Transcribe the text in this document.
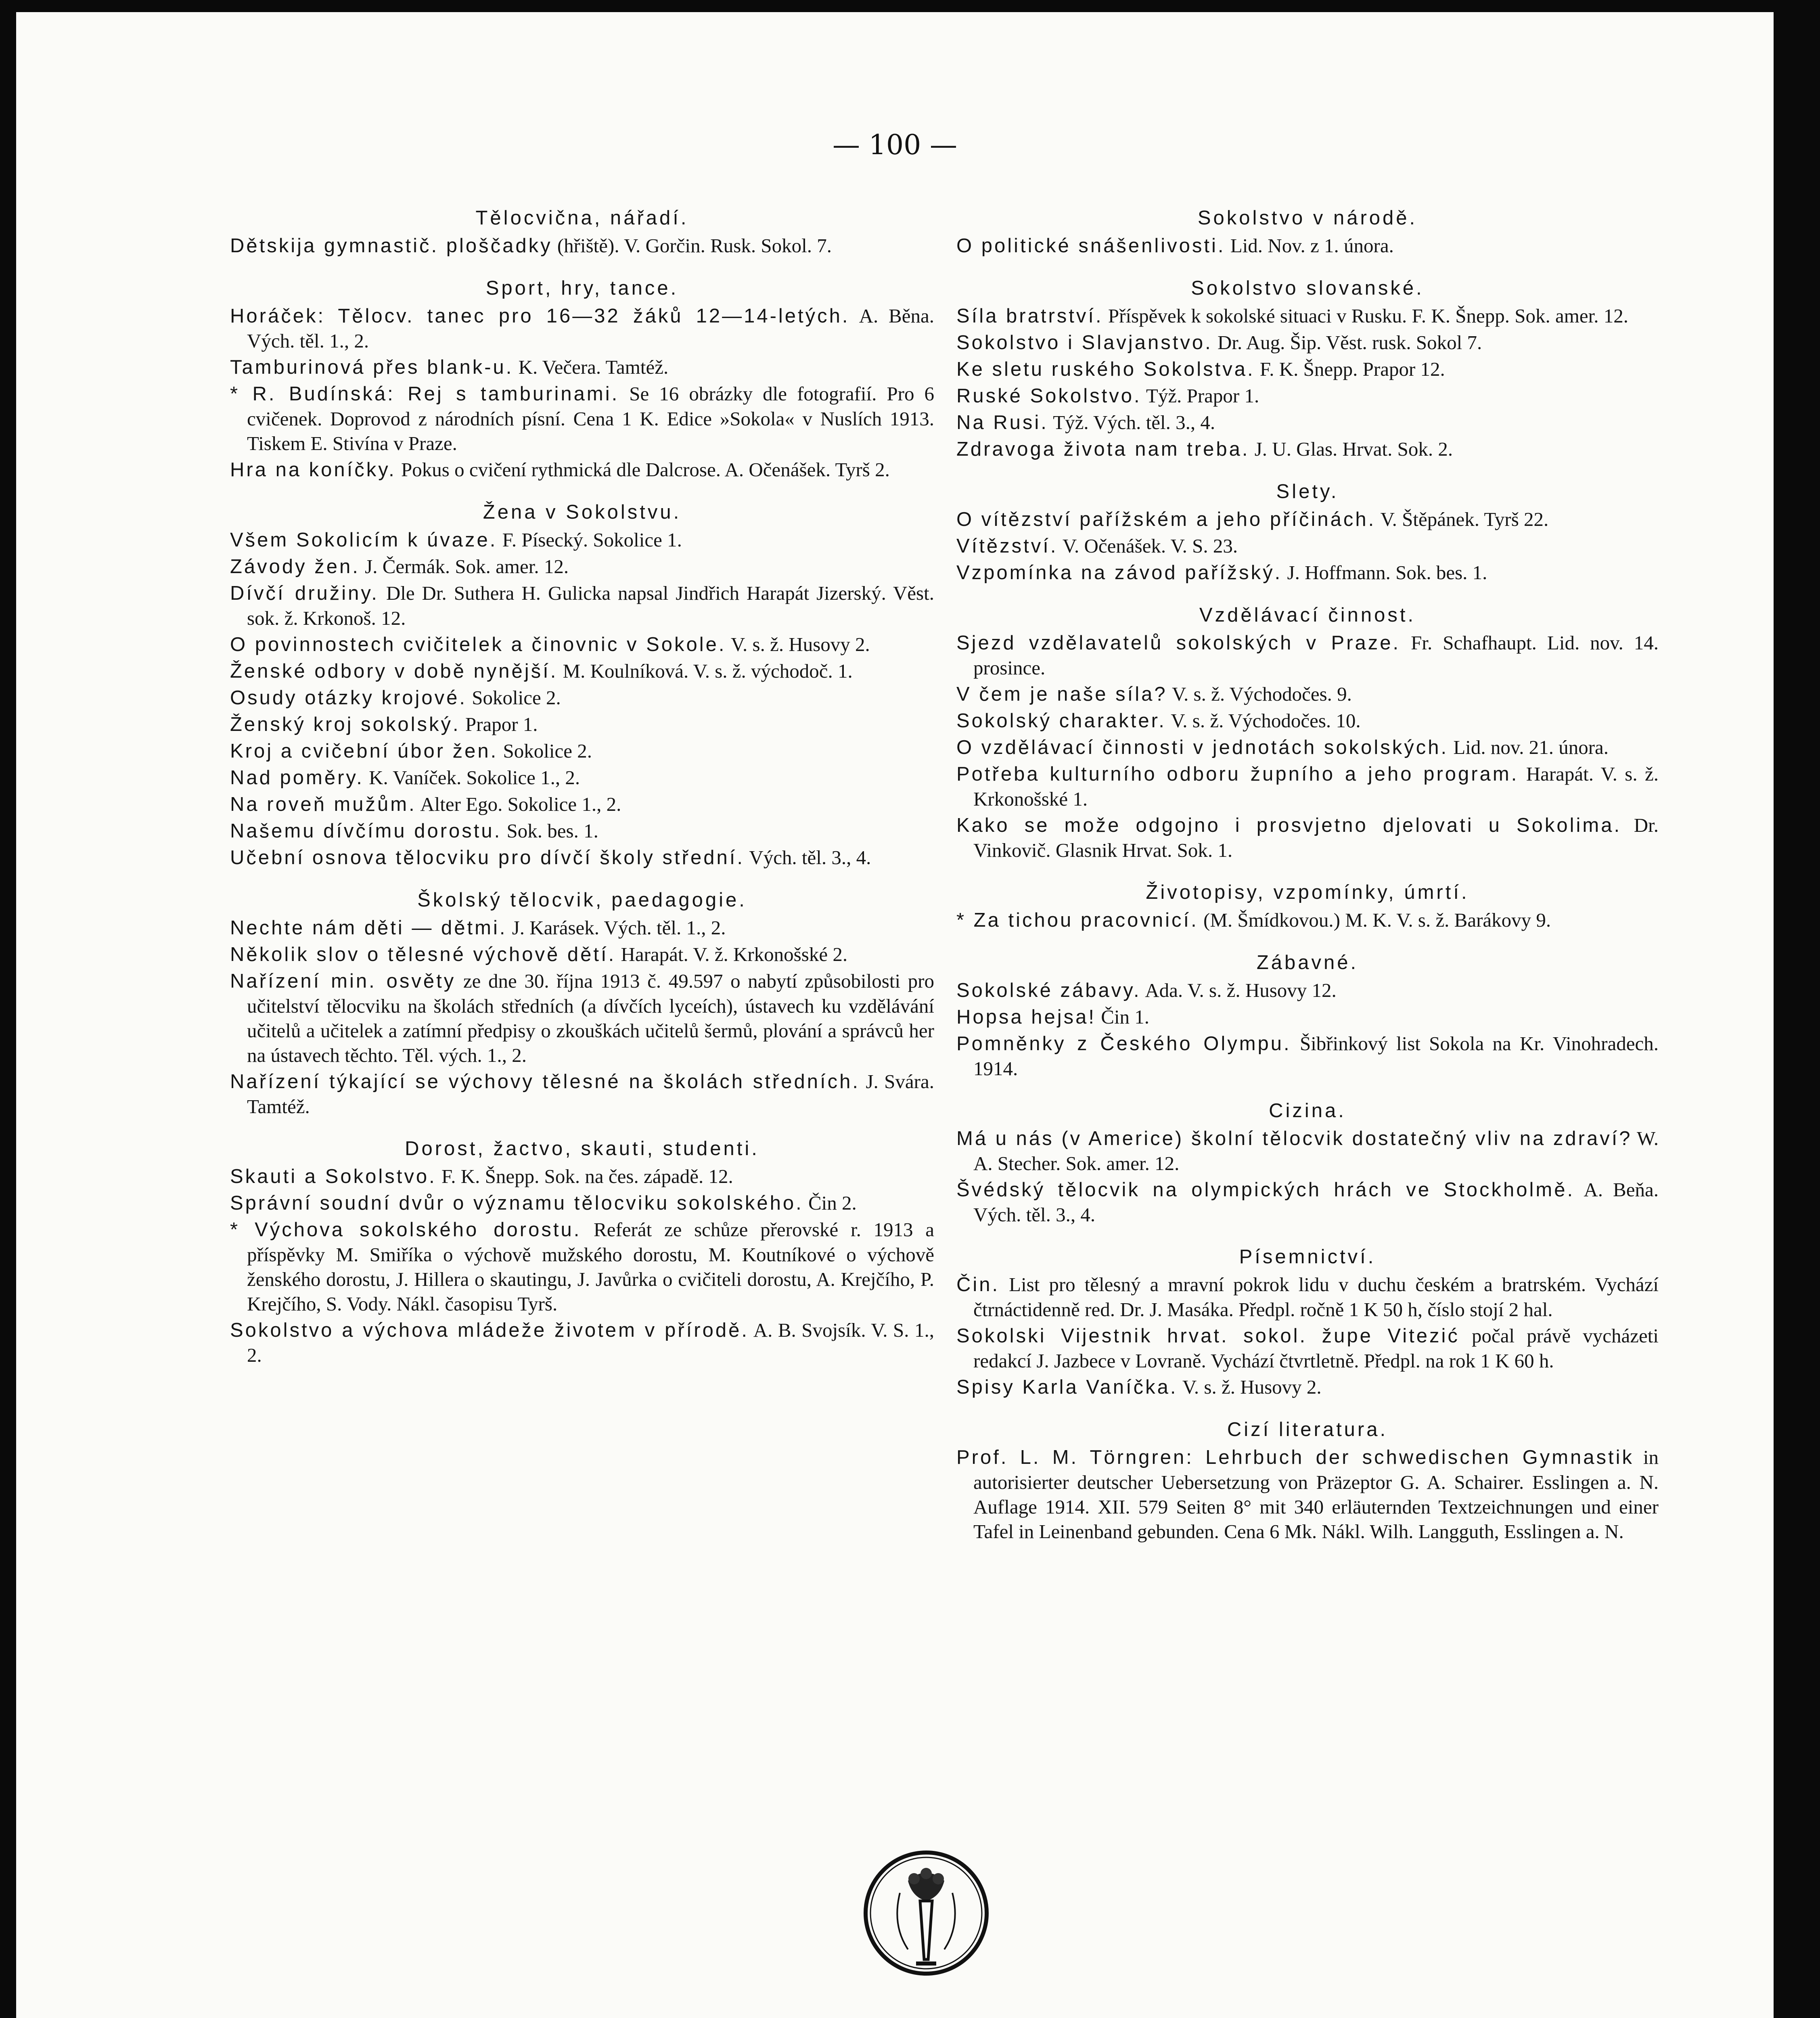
— 100 —
Tělocvična, nářadí.
Dětskija gymnastič. ploščadky (hřiště). V. Gorčin. Rusk. Sokol. 7.
Sport, hry, tance.
Horáček: Tělocv. tanec pro 16—32 žáků 12—14-letých. A. Běna. Vých. těl. 1., 2.
Tamburinová přes blank-u. K. Večera. Tamtéž.
* R. Budínská: Rej s tamburinami. Se 16 obrázky dle fotografií. Pro 6 cvičenek. Doprovod z národních písní. Cena 1 K. Edice »Sokola« v Nuslích 1913. Tiskem E. Stivína v Praze.
Hra na koníčky. Pokus o cvičení rythmická dle Dalcrose. A. Očenášek. Tyrš 2.
Žena v Sokolstvu.
Všem Sokolicím k úvaze. F. Písecký. Sokolice 1.
Závody žen. J. Čermák. Sok. amer. 12.
Dívčí družiny. Dle Dr. Suthera H. Gulicka napsal Jindřich Harapát Jizerský. Věst. sok. ž. Krkonoš. 12.
O povinnostech cvičitelek a činovnic v Sokole. V. s. ž. Husovy 2.
Ženské odbory v době nynější. M. Koulníková. V. s. ž. východoč. 1.
Osudy otázky krojové. Sokolice 2.
Ženský kroj sokolský. Prapor 1.
Kroj a cvičební úbor žen. Sokolice 2.
Nad poměry. K. Vaníček. Sokolice 1., 2.
Na roveň mužům. Alter Ego. Sokolice 1., 2.
Našemu dívčímu dorostu. Sok. bes. 1.
Učební osnova tělocviku pro dívčí školy střední. Vých. těl. 3., 4.
Školský tělocvik, paedagogie.
Nechte nám děti — dětmi. J. Karásek. Vých. těl. 1., 2.
Několik slov o tělesné výchově dětí. Harapát. V. ž. Krkonošské 2.
Nařízení min. osvěty ze dne 30. října 1913 č. 49.597 o nabytí způsobilosti pro učitelství tělocviku na školách středních (a dívčích lyceích), ústavech ku vzdělávání učitelů a učitelek a zatímní předpisy o zkouškách učitelů šermů, plování a správců her na ústavech těchto. Těl. vých. 1., 2.
Nařízení týkající se výchovy tělesné na školách středních. J. Svára. Tamtéž.
Dorost, žactvo, skauti, studenti.
Skauti a Sokolstvo. F. K. Šnepp. Sok. na čes. západě. 12.
Správní soudní dvůr o významu tělocviku sokolského. Čin 2.
* Výchova sokolského dorostu. Referát ze schůze přerovské r. 1913 a příspěvky M. Smiříka o výchově mužského dorostu, M. Koutníkové o výchově ženského dorostu, J. Hillera o skautingu, J. Javůrka o cvičiteli dorostu, A. Krejčího, P. Krejčího, S. Vody. Nákl. časopisu Tyrš.
Sokolstvo a výchova mládeže životem v přírodě. A. B. Svojsík. V. S. 1., 2.
Sokolstvo v národě.
O politické snášenlivosti. Lid. Nov. z 1. února.
Sokolstvo slovanské.
Síla bratrství. Příspěvek k sokolské situaci v Rusku. F. K. Šnepp. Sok. amer. 12.
Sokolstvo i Slavjanstvo. Dr. Aug. Šip. Věst. rusk. Sokol 7.
Ke sletu ruského Sokolstva. F. K. Šnepp. Prapor 12.
Ruské Sokolstvo. Týž. Prapor 1.
Na Rusi. Týž. Vých. těl. 3., 4.
Zdravoga života nam treba. J. U. Glas. Hrvat. Sok. 2.
Slety.
O vítězství pařížském a jeho příčinách. V. Štěpánek. Tyrš 22.
Vítězství. V. Očenášek. V. S. 23.
Vzpomínka na závod pařížský. J. Hoffmann. Sok. bes. 1.
Vzdělávací činnost.
Sjezd vzdělavatelů sokolských v Praze. Fr. Schafhaupt. Lid. nov. 14. prosince.
V čem je naše síla? V. s. ž. Východočes. 9.
Sokolský charakter. V. s. ž. Východočes. 10.
O vzdělávací činnosti v jednotách sokolských. Lid. nov. 21. února.
Potřeba kulturního odboru župního a jeho program. Harapát. V. s. ž. Krkonošské 1.
Kako se može odgojno i prosvjetno djelovati u Sokolima. Dr. Vinkovič. Glasnik Hrvat. Sok. 1.
Životopisy, vzpomínky, úmrtí.
* Za tichou pracovnicí. (M. Šmídkovou.) M. K. V. s. ž. Barákovy 9.
Zábavné.
Sokolské zábavy. Ada. V. s. ž. Husovy 12.
Hopsa hejsa! Čin 1.
Pomněnky z Českého Olympu. Šibřinkový list Sokola na Kr. Vinohradech. 1914.
Cizina.
Má u nás (v Americe) školní tělocvik dostatečný vliv na zdraví? W. A. Stecher. Sok. amer. 12.
Švédský tělocvik na olympických hrách ve Stockholmě. A. Beňa. Vých. těl. 3., 4.
Písemnictví.
Čin. List pro tělesný a mravní pokrok lidu v duchu českém a bratrském. Vychází čtrnáctidenně red. Dr. J. Masáka. Předpl. ročně 1 K 50 h, číslo stojí 2 hal.
Sokolski Vijestnik hrvat. sokol. župe Vitezić počal právě vycházeti redakcí J. Jazbece v Lovraně. Vychází čtvrtletně. Předpl. na rok 1 K 60 h.
Spisy Karla Vaníčka. V. s. ž. Husovy 2.
Cizí literatura.
Prof. L. M. Törngren: Lehrbuch der schwedischen Gymnastik in autorisierter deutscher Uebersetzung von Präzeptor G. A. Schairer. Esslingen a. N. Auflage 1914. XII. 579 Seiten 8° mit 340 erläuternden Textzeichnungen und einer Tafel in Leinenband gebunden. Cena 6 Mk. Nákl. Wilh. Langguth, Esslingen a. N.
